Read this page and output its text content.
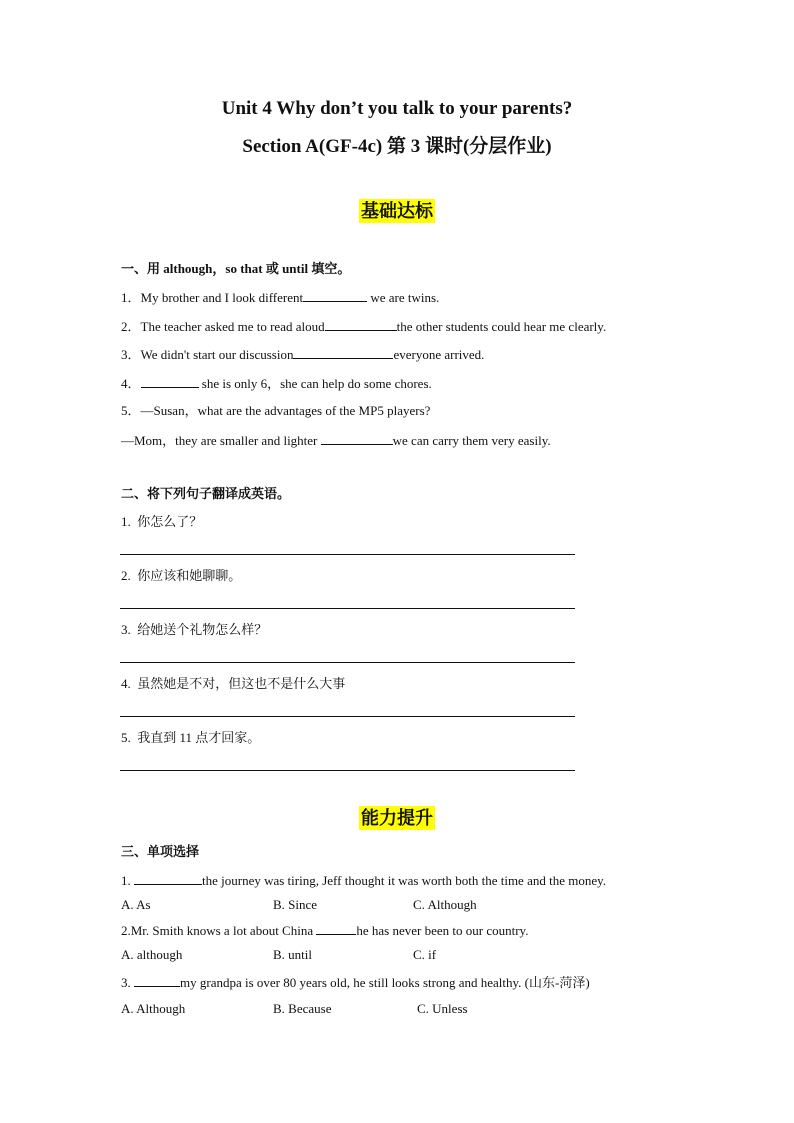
Unit 4 Why don’t you talk to your parents?
Section A(GF-4c) 第 3 课时(分层作业)
基础达标
一、用 although，so that 或 until 填空。
1．My brother and I look different	we are twins.
2．The teacher asked me to read aloud	the other students could hear me clearly.
3．We didn't start our discussion	everyone arrived.
4．	she is only 6，she can help do some chores.
5．—Susan，what are the advantages of the MP5 players?
—Mom，they are smaller and lighter	we can carry them very easily.
二、将下列句子翻译成英语。
1. 你怎么了？
2. 你应该和她聊聊。
3. 给她送个礼物怎么样？
4. 虽然她是不对，但这也不是什么大事
5. 我直到 11 点才回家。
能力提升
三、单项选择
1.	the journey was tiring, Jeff thought it was worth both the time and the money.
A. As	B. Since	C. Although
2.Mr. Smith knows a lot about China	he has never been to our country.
A. although	B. until	C. if
3.	my grandpa is over 80 years old, he still looks strong and healthy. (山东-菏泽)
A. Although	B. Because	C. Unless
